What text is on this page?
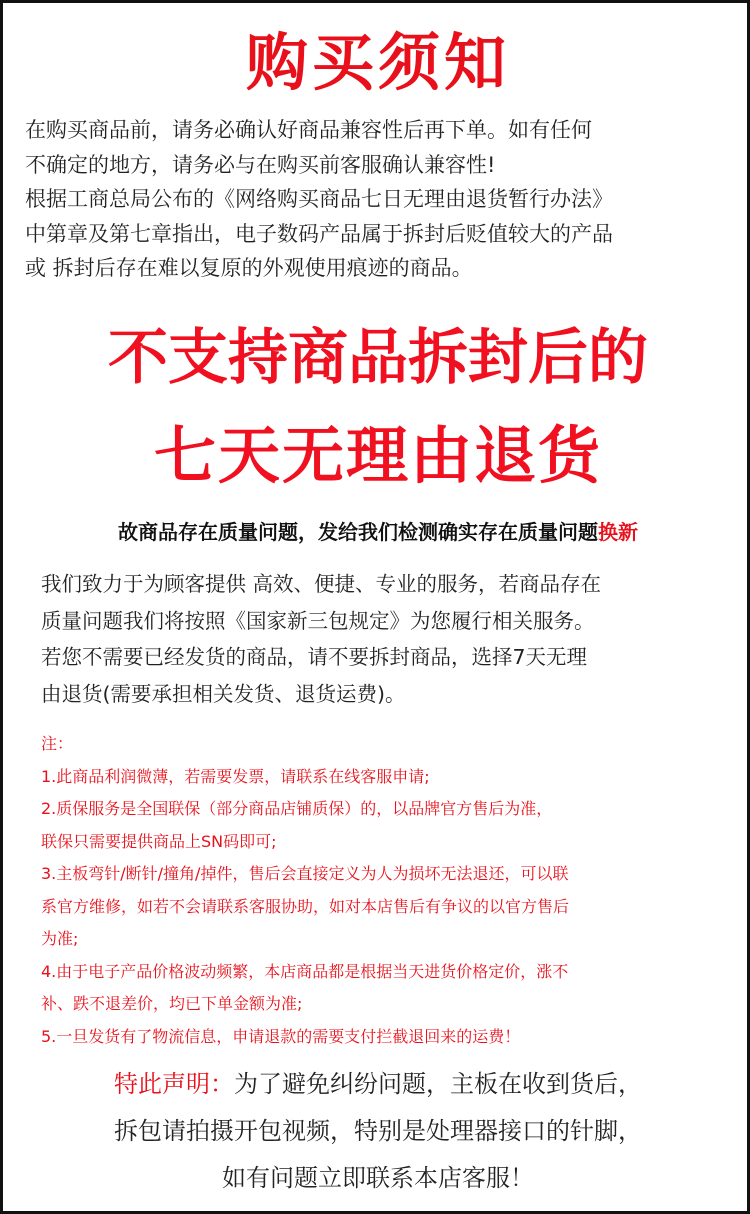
购买须知
在购买商品前，请务必确认好商品兼容性后再下单。如有任何
不确定的地方，请务必与在购买前客服确认兼容性!
根据工商总局公布的《网络购买商品七日无理由退货暂行办法》
中第章及第七章指出，电子数码产品属于拆封后贬值较大的产品
或 拆封后存在难以复原的外观使用痕迹的商品。
不支持商品拆封后的
七天无理由退货
故商品存在质量问题，发给我们检测确实存在质量问题换新
我们致力于为顾客提供 高效、便捷、专业的服务，若商品存在
质量问题我们将按照《国家新三包规定》为您履行相关服务。
若您不需要已经发货的商品，请不要拆封商品，选择7天无理
由退货(需要承担相关发货、退货运费)。
注：
1.此商品利润微薄，若需要发票，请联系在线客服申请;
2.质保服务是全国联保（部分商品店铺质保）的，以品牌官方售后为准，
联保只需要提供商品上SN码即可;
3.主板弯针/断针/撞角/掉件，售后会直接定义为人为损坏无法退还，可以联
系官方维修，如若不会请联系客服协助，如对本店售后有争议的以官方售后
为准;
4.由于电子产品价格波动频繁，本店商品都是根据当天进货价格定价，涨不
补、跌不退差价，均已下单金额为准;
5.一旦发货有了物流信息，申请退款的需要支付拦截退回来的运费！
特此声明：为了避免纠纷问题，主板在收到货后，
拆包请拍摄开包视频，特别是处理器接口的针脚，
如有问题立即联系本店客服！
